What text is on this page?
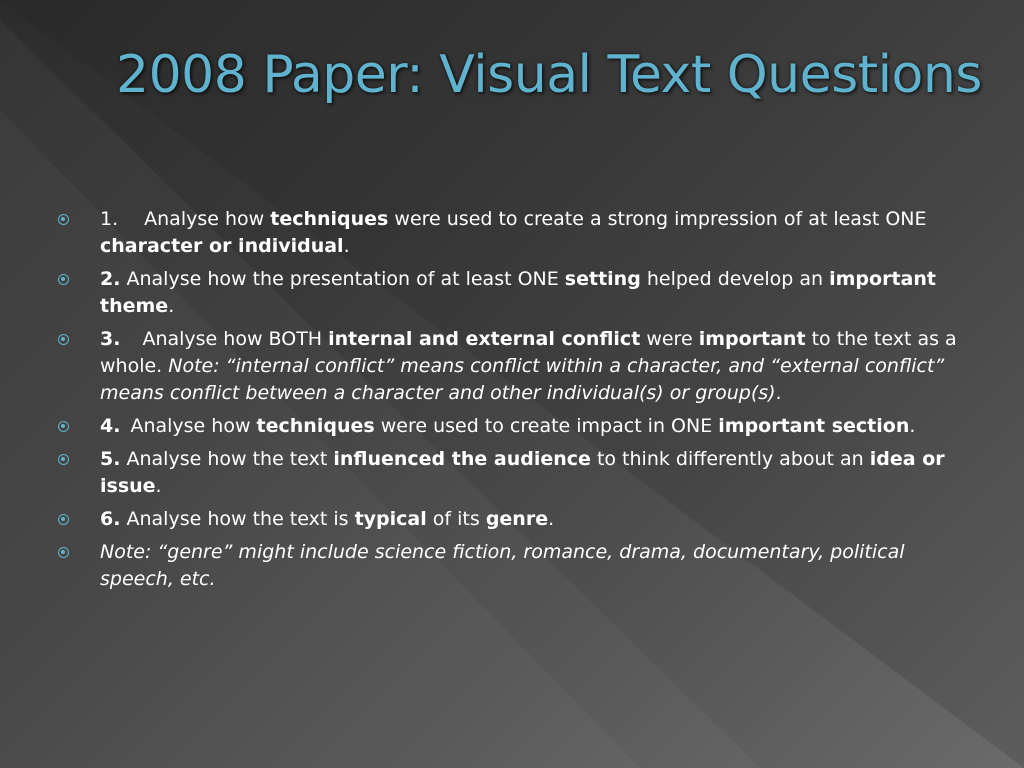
2008 Paper: Visual Text Questions
1. Analyse how techniques were used to create a strong impression of at least ONE character or individual.
2. Analyse how the presentation of at least ONE setting helped develop an important theme.
3. Analyse how BOTH internal and external conflict were important to the text as a whole. Note: “internal conflict” means conflict within a character, and “external conflict” means conflict between a character and other individual(s) or group(s).
4. Analyse how techniques were used to create impact in ONE important section.
5. Analyse how the text influenced the audience to think differently about an idea or issue.
6. Analyse how the text is typical of its genre.
Note: “genre” might include science fiction, romance, drama, documentary, political speech, etc.
